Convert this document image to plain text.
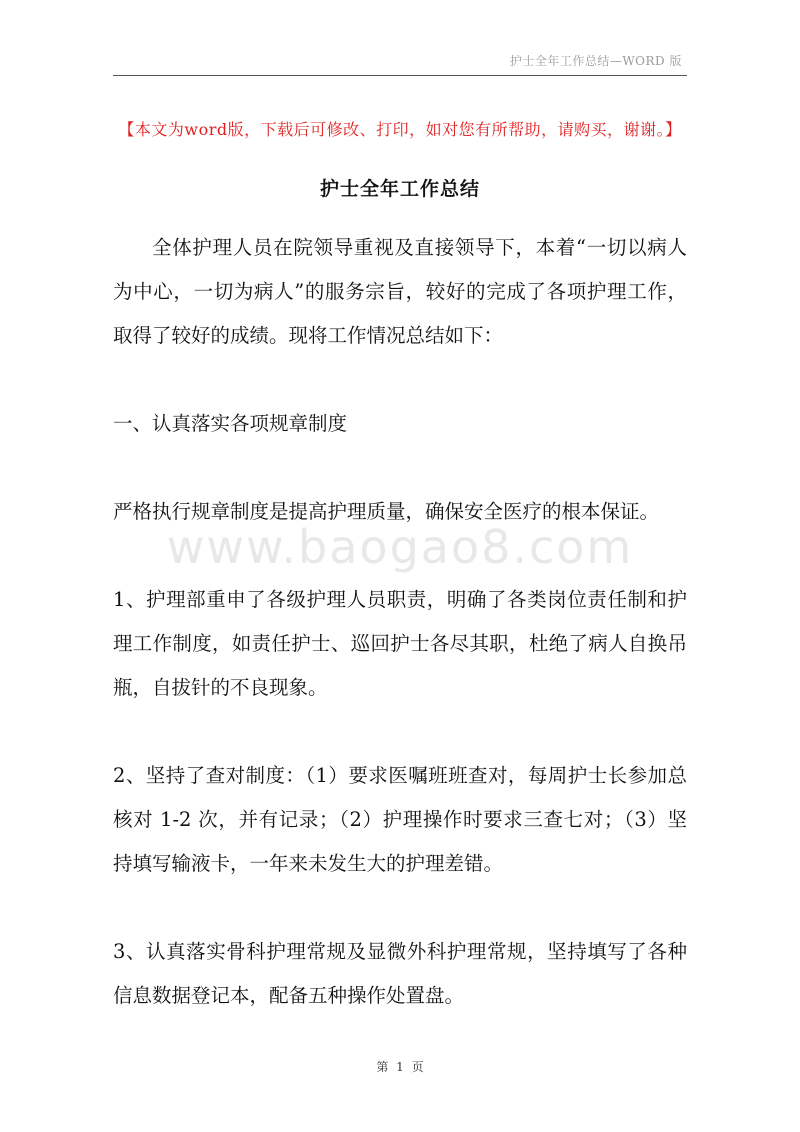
护士全年工作总结—WORD 版
【本文为word版，下载后可修改、打印，如对您有所帮助，请购买，谢谢。】
护士全年工作总结
www.baogao8.com

全体护理人员在院领导重视及直接领导下，本着“一切以病人为中心，一切为病人”的服务宗旨，较好的完成了各项护理工作，取得了较好的成绩。现将工作情况总结如下：

一、认真落实各项规章制度

严格执行规章制度是提高护理质量，确保安全医疗的根本保证。

1、护理部重申了各级护理人员职责，明确了各类岗位责任制和护理工作制度，如责任护士、巡回护士各尽其职，杜绝了病人自换吊瓶，自拔针的不良现象。

2、坚持了查对制度：（1）要求医嘱班班查对，每周护士长参加总核对 1-2 次，并有记录；（2）护理操作时要求三查七对；（3）坚持填写输液卡，一年来未发生大的护理差错。

3、认真落实骨科护理常规及显微外科护理常规，坚持填写了各种信息数据登记本，配备五种操作处置盘。

第 1 页
